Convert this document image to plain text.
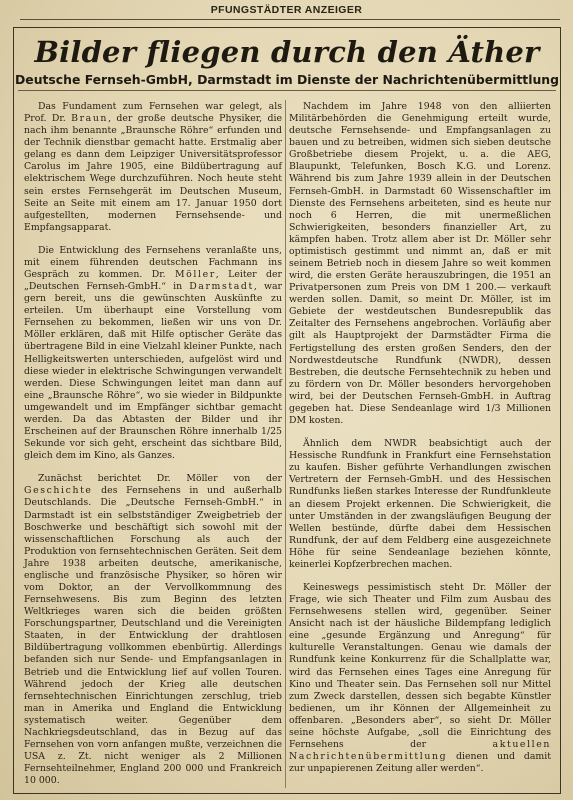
PFUNGSTÄDTER ANZEIGER
Bilder fliegen durch den Äther
Deutsche Fernseh-GmbH, Darmstadt im Dienste der Nachrichtenübermittlung

Das Fundament zum Fernsehen war gelegt, als Prof. Dr. Braun, der große deutsche Physiker, die nach ihm benannte „Braunsche Röhre“ erfunden und der Technik dienstbar gemacht hatte. Erstmalig aber gelang es dann dem Leipziger Universitätsprofessor Carolus im Jahre 1905, eine Bildübertragung auf elektrischem Wege durchzuführen. Noch heute steht sein erstes Fernsehgerät im Deutschen Museum, Seite an Seite mit einem am 17. Januar 1950 dort aufgestellten, modernen Fernsehsende- und Empfangsapparat.

Die Entwicklung des Fernsehens veranlaßte uns, mit einem führenden deutschen Fachmann ins Gespräch zu kommen. Dr. Möller, Leiter der „Deutschen Fernseh-GmbH.“ in Darmstadt, war gern bereit, uns die gewünschten Auskünfte zu erteilen. Um überhaupt eine Vorstellung vom Fernsehen zu bekommen, ließen wir uns von Dr. Möller erklären, daß mit Hilfe optischer Geräte das übertragene Bild in eine Vielzahl kleiner Punkte, nach Helligkeitswerten unterschieden, aufgelöst wird und diese wieder in elektrische Schwingungen verwandelt werden. Diese Schwingungen leitet man dann auf eine „Braunsche Röhre“, wo sie wieder in Bildpunkte umgewandelt und im Empfänger sichtbar gemacht werden. Da das Abtasten der Bilder und ihr Erscheinen auf der Braunschen Röhre innerhalb 1/25 Sekunde vor sich geht, erscheint das sichtbare Bild, gleich dem im Kino, als Ganzes.

Zunächst berichtet Dr. Möller von der Geschichte des Fernsehens in und außerhalb Deutschlands. Die „Deutsche Fernseh-GmbH.“ in Darmstadt ist ein selbstständiger Zweigbetrieb der Boschwerke und beschäftigt sich sowohl mit der wissenschaftlichen Forschung als auch der Produktion von fernsehtechnischen Geräten. Seit dem Jahre 1938 arbeiten deutsche, amerikanische, englische und französische Physiker, so hören wir vom Doktor, an der Vervollkommnung des Fernsehwesens. Bis zum Beginn des letzten Weltkrieges waren sich die beiden größten Forschungspartner, Deutschland und die Vereinigten Staaten, in der Entwicklung der drahtlosen Bildübertragung vollkommen ebenbürtig. Allerdings befanden sich nur Sende- und Empfangsanlagen in Betrieb und die Entwicklung lief auf vollen Touren. Während jedoch der Krieg alle deutschen fernsehtechnischen Einrichtungen zerschlug, trieb man in Amerika und England die Entwicklung systematisch weiter. Gegenüber dem Nachkriegsdeutschland, das in Bezug auf das Fernsehen von vorn anfangen mußte, verzeichnen die USA z. Zt. nicht weniger als 2 Millionen Fernsehteilnehmer, England 200 000 und Frankreich 10 000.

Nachdem im Jahre 1948 von den alliierten Militärbehörden die Genehmigung erteilt wurde, deutsche Fernsehsende- und Empfangsanlagen zu bauen und zu betreiben, widmen sich sieben deutsche Großbetriebe diesem Projekt, u. a. die AEG, Blaupunkt, Telefunken, Bosch K.G. und Lorenz. Während bis zum Jahre 1939 allein in der Deutschen Fernseh-GmbH. in Darmstadt 60 Wissenschaftler im Dienste des Fernsehens arbeiteten, sind es heute nur noch 6 Herren, die mit unermeßlichen Schwierigkeiten, besonders finanzieller Art, zu kämpfen haben. Trotz allem aber ist Dr. Möller sehr optimistisch gestimmt und nimmt an, daß er mit seinem Betrieb noch in diesem Jahre so weit kommen wird, die ersten Geräte herauszubringen, die 1951 an Privatpersonen zum Preis von DM 1 200.— verkauft werden sollen. Damit, so meint Dr. Möller, ist im Gebiete der westdeutschen Bundesrepublik das Zeitalter des Fernsehens angebrochen. Vorläufig aber gilt als Hauptprojekt der Darmstädter Firma die Fertigstellung des ersten großen Senders, den der Nordwestdeutsche Rundfunk (NWDR), dessen Bestreben, die deutsche Fernsehtechnik zu heben und zu fördern von Dr. Möller besonders hervorgehoben wird, bei der Deutschen Fernseh-GmbH. in Auftrag gegeben hat. Diese Sendeanlage wird 1/3 Millionen DM kosten.

Ähnlich dem NWDR beabsichtigt auch der Hessische Rundfunk in Frankfurt eine Fernsehstation zu kaufen. Bisher geführte Verhandlungen zwischen Vertretern der Fernseh-GmbH. und des Hessischen Rundfunks ließen starkes Interesse der Rundfunkleute an diesem Projekt erkennen. Die Schwierigkeit, die unter Umständen in der zwangsläufigen Beugung der Wellen bestünde, dürfte dabei dem Hessischen Rundfunk, der auf dem Feldberg eine ausgezeichnete Höhe für seine Sendeanlage beziehen könnte, keinerlei Kopfzerbrechen machen.

Keineswegs pessimistisch steht Dr. Möller der Frage, wie sich Theater und Film zum Ausbau des Fernsehwesens stellen wird, gegenüber. Seiner Ansicht nach ist der häusliche Bildempfang lediglich eine „gesunde Ergänzung und Anregung“ für kulturelle Veranstaltungen. Genau wie damals der Rundfunk keine Konkurrenz für die Schallplatte war, wird das Fernsehen eines Tages eine Anregung für Kino und Theater sein. Das Fernsehen soll nur Mittel zum Zweck darstellen, dessen sich begabte Künstler bedienen, um ihr Können der Allgemeinheit zu offenbaren. „Besonders aber“, so sieht Dr. Möller seine höchste Aufgabe, „soll die Einrichtung des Fernsehens der aktuellen Nachrichtenübermittlung dienen und damit zur unpapierenen Zeitung aller werden“.
